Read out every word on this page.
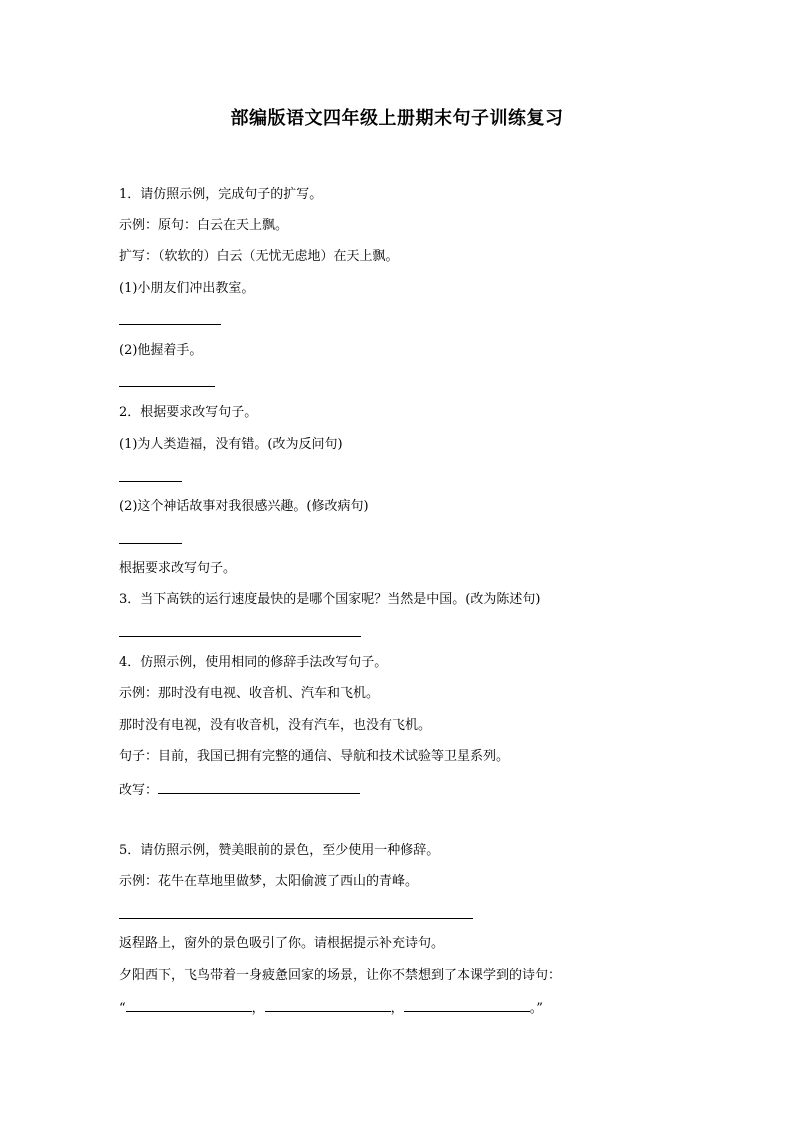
部编版语文四年级上册期末句子训练复习
1．请仿照示例，完成句子的扩写。
示例：原句：白云在天上飘。
扩写：（软软的）白云（无忧无虑地）在天上飘。
(1)小朋友们冲出教室。
(2)他握着手。
2．根据要求改写句子。
(1)为人类造福，没有错。(改为反问句)
(2)这个神话故事对我很感兴趣。(修改病句)
根据要求改写句子。
3．当下高铁的运行速度最快的是哪个国家呢？当然是中国。(改为陈述句)
4．仿照示例，使用相同的修辞手法改写句子。
示例：那时没有电视、收音机、汽车和飞机。
那时没有电视，没有收音机，没有汽车，也没有飞机。
句子：目前，我国已拥有完整的通信、导航和技术试验等卫星系列。
改写：
5．请仿照示例，赞美眼前的景色，至少使用一种修辞。
示例：花牛在草地里做梦，太阳偷渡了西山的青峰。
返程路上，窗外的景色吸引了你。请根据提示补充诗句。
夕阳西下，飞鸟带着一身疲惫回家的场景，让你不禁想到了本课学到的诗句：
“	，	，	。”
